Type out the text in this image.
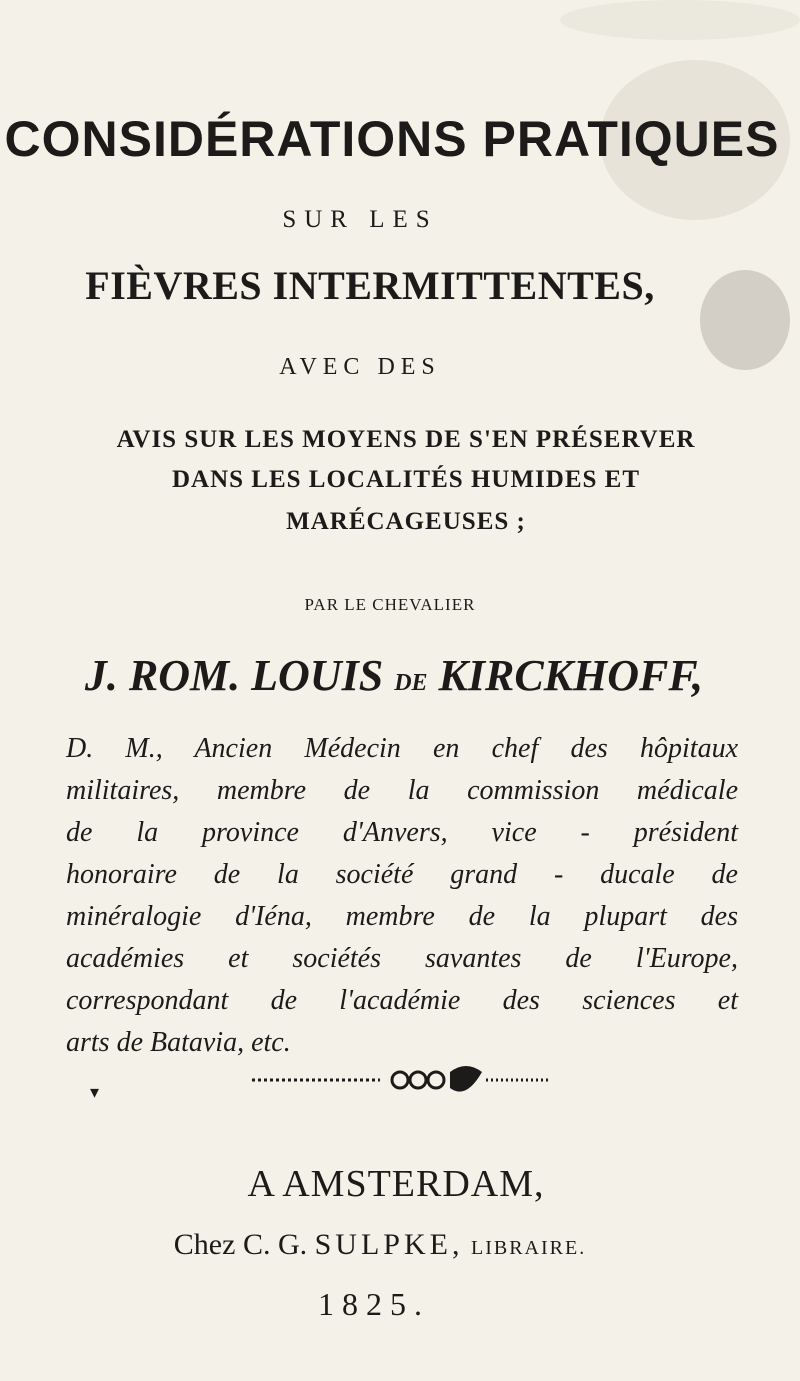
CONSIDÉRATIONS PRATIQUES
SUR LES
FIÈVRES INTERMITTENTES,
AVEC DES
AVIS SUR LES MOYENS DE S'EN PRÉSERVER
DANS LES LOCALITÉS HUMIDES ET
MARÉCAGEUSES ;
PAR LE CHEVALIER
J. ROM. LOUIS DE KIRCKHOFF,
D. M., Ancien Médecin en chef des hôpitaux
militaires, membre de la commission médicale
de la province d'Anvers, vice - président
honoraire de la société grand - ducale de
minéralogie d'Iéna, membre de la plupart des
académies et sociétés savantes de l'Europe,
correspondant de l'académie des sciences et
arts de Batavia, etc.
▾
A AMSTERDAM,
Chez C. G. SULPKE, LIBRAIRE.
1825.
